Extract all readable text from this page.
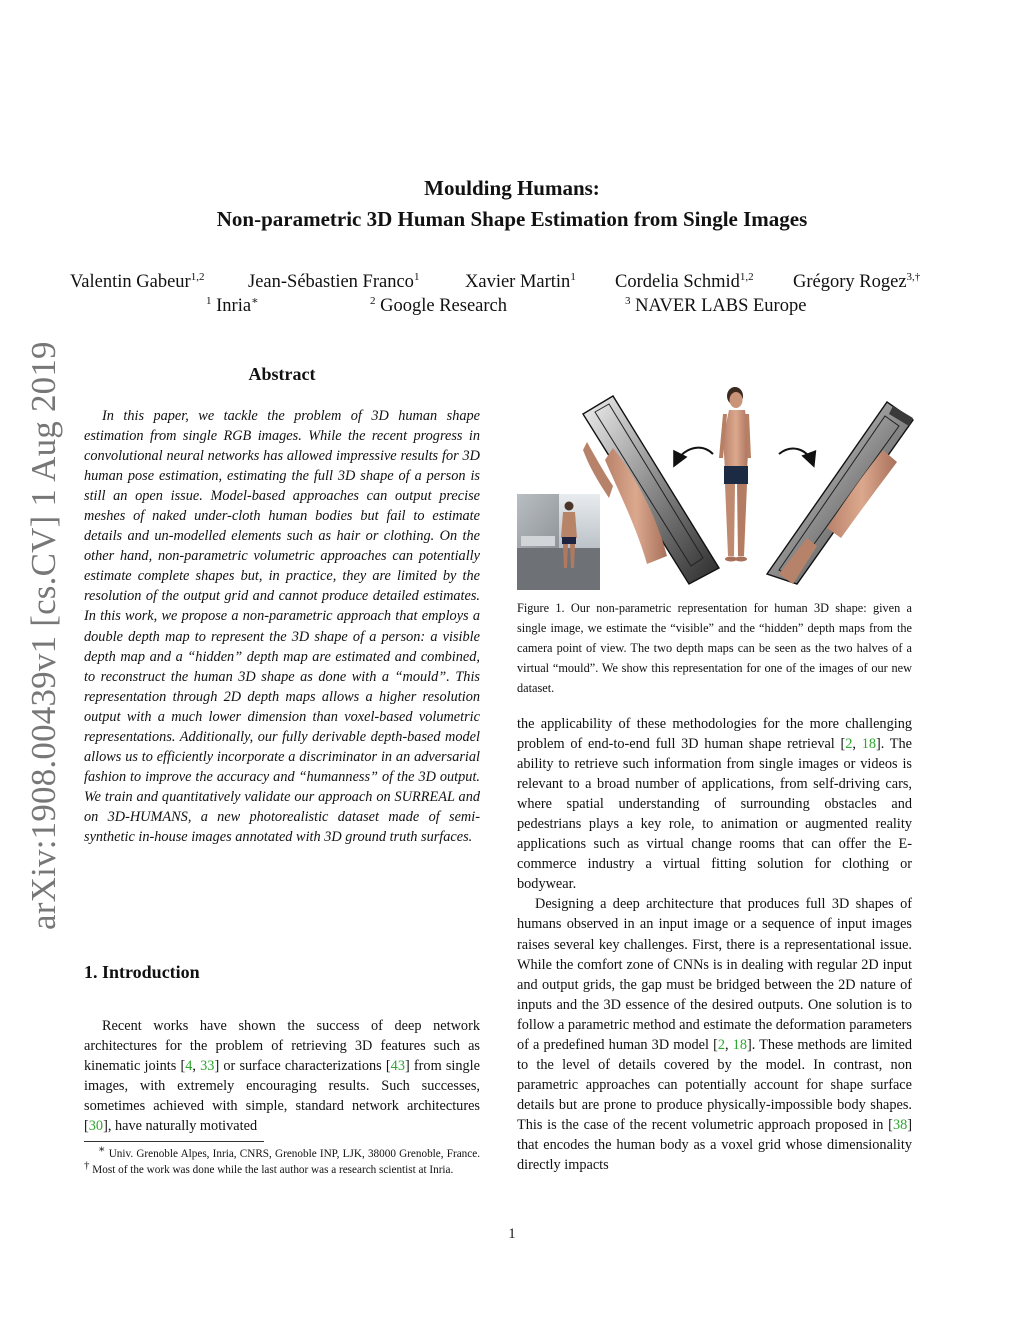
arXiv:1908.00439v1 [cs.CV] 1 Aug 2019
Moulding Humans:
Non-parametric 3D Human Shape Estimation from Single Images
Valentin Gabeur$^{1,2}$ Jean-Sébastien Franco$^1$ Xavier Martin$^1$ Cordelia Schmid$^{1,2}$ Grégory Rogez$^{3,\dagger}$
$^1$ Inria∗	$^2$ Google Research	$^3$ NAVER LABS Europe
Abstract
In this paper, we tackle the problem of 3D human shape estimation from single RGB images. While the recent progress in convolutional neural networks has allowed impressive results for 3D human pose estimation, estimating the full 3D shape of a person is still an open issue. Model-based approaches can output precise meshes of naked under-cloth human bodies but fail to estimate details and un-modelled elements such as hair or clothing. On the other hand, non-parametric volumetric approaches can potentially estimate complete shapes but, in practice, they are limited by the resolution of the output grid and cannot produce detailed estimates. In this work, we propose a non-parametric approach that employs a double depth map to represent the 3D shape of a person: a visible depth map and a “hidden” depth map are estimated and combined, to reconstruct the human 3D shape as done with a “mould”. This representation through 2D depth maps allows a higher resolution output with a much lower dimension than voxel-based volumetric representations. Additionally, our fully derivable depth-based model allows us to efficiently incorporate a discriminator in an adversarial fashion to improve the accuracy and “humanness” of the 3D output. We train and quantitatively validate our approach on SURREAL and on 3D-HUMANS, a new photorealistic dataset made of semi-synthetic in-house images annotated with 3D ground truth surfaces.
1. Introduction
Recent works have shown the success of deep network architectures for the problem of retrieving 3D features such as kinematic joints [4, 33] or surface characterizations [43] from single images, with extremely encouraging results. Such successes, sometimes achieved with simple, standard network architectures [30], have naturally motivated
∗ Univ. Grenoble Alpes, Inria, CNRS, Grenoble INP, LJK, 38000 Grenoble, France. † Most of the work was done while the last author was a research scientist at Inria.
Figure 1. Our non-parametric representation for human 3D shape: given a single image, we estimate the “visible” and the “hidden” depth maps from the camera point of view. The two depth maps can be seen as the two halves of a virtual “mould”. We show this representation for one of the images of our new dataset.

the applicability of these methodologies for the more challenging problem of end-to-end full 3D human shape retrieval [2, 18]. The ability to retrieve such information from single images or videos is relevant to a broad number of applications, from self-driving cars, where spatial understanding of surrounding obstacles and pedestrians plays a key role, to animation or augmented reality applications such as virtual change rooms that can offer the E-commerce industry a virtual fitting solution for clothing or bodywear.

Designing a deep architecture that produces full 3D shapes of humans observed in an input image or a sequence of input images raises several key challenges. First, there is a representational issue. While the comfort zone of CNNs is in dealing with regular 2D input and output grids, the gap must be bridged between the 2D nature of inputs and the 3D essence of the desired outputs. One solution is to follow a parametric method and estimate the deformation parameters of a predefined human 3D model [2, 18]. These methods are limited to the level of details covered by the model. In contrast, non parametric approaches can potentially account for shape surface details but are prone to produce physically-impossible body shapes. This is the case of the recent volumetric approach proposed in [38] that encodes the human body as a voxel grid whose dimensionality directly impacts

1
